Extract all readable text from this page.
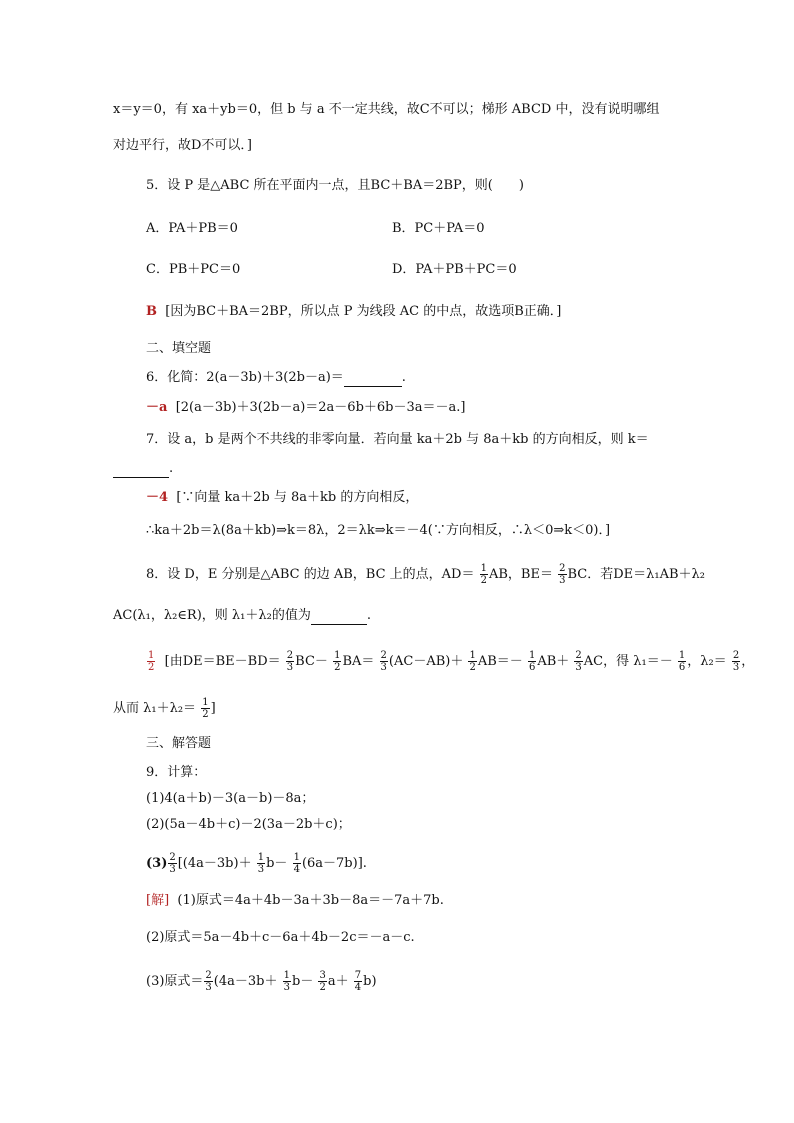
x＝y＝0，有 xa＋yb＝0，但 b 与 a 不一定共线，故C不可以；梯形 ABCD 中，没有说明哪组
对边平行，故D不可以．]
5．设 P 是△ABC 所在平面内一点，且BC＋BA＝2BP，则(　　)
A．PA＋PB＝0	B．PC＋PA＝0
C．PB＋PC＝0	D．PA＋PB＋PC＝0
B [因为BC＋BA＝2BP，所以点 P 为线段 AC 的中点，故选项B正确．]
二、填空题
6．化简：2(a－3b)＋3(2b－a)＝	.
－a [2(a－3b)＋3(2b－a)＝2a－6b＋6b－3a＝－a.]
7．设 a，b 是两个不共线的非零向量．若向量 ka＋2b 与 8a＋kb 的方向相反，则 k＝
.
－4 [∵向量 ka＋2b 与 8a＋kb 的方向相反，
∴ka＋2b＝λ(8a＋kb)⇒k＝8λ，2＝λk⇒k＝－4(∵方向相反，∴λ＜0⇒k＜0)．]
8．设 D，E 分别是△ABC 的边 AB，BC 上的点，$AD= \frac{1}{2}$ AB，$BE= \frac{2}{3}$ BC．若DE＝λ₁AB＋λ₂
AC(λ₁，λ₂∈R)，则 λ₁＋λ₂的值为	.
$\frac{1}{2}$ [由$DE=BE-BD= \frac{2}{3} BC- \frac{1}{2} BA= \frac{2}{3} (AC-AB)+ \frac{1}{2} AB=- \frac{1}{6} AB+ \frac{2}{3}$ AC，得 $\lambda_1=- \frac{1}{6}$ ，$\lambda_2= \frac{2}{3}$ ，
从而 $\lambda_1+\lambda_2= \frac{1}{2}$ ]
三、解答题
9．计算：
(1)4(a＋b)－3(a－b)－8a；
(2)(5a－4b＋c)－2(3a－2b＋c)；
$(3) \frac{2}{3} [(4a-3b)+ \frac{1}{3} b- \frac{1}{4} (6a-7b)]$.
[解] (1)原式＝4a＋4b－3a＋3b－8a＝－7a＋7b.
(2)原式＝5a－4b＋c－6a＋4b－2c＝－a－c.
(3)原式＝ $\frac{2}{3} (4a-3b+ \frac{1}{3} b- \frac{3}{2} a+ \frac{7}{4} b)$
